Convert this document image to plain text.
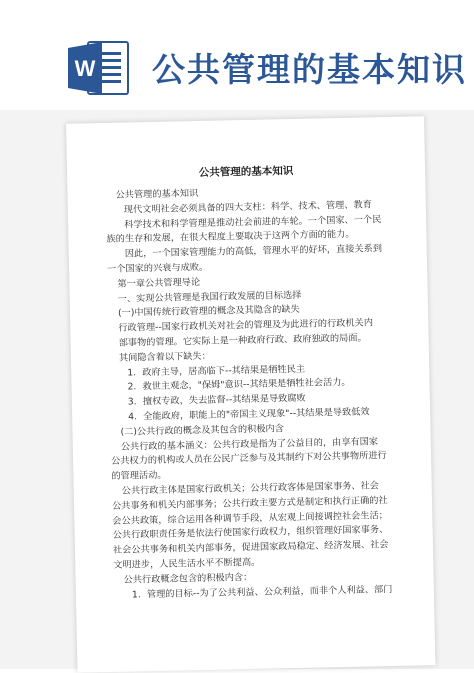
W 公共管理的基本知识
公共管理的基本知识
公共管理的基本知识
现代文明社会必须具备的四大支柱：科学、技术、管理、教育
科学技术和科学管理是推动社会前进的车轮。一个国家、一个民
族的生存和发展，在很大程度上要取决于这两个方面的能力。
因此，一个国家管理能力的高低，管理水平的好坏，直接关系到
一个国家的兴衰与成败。
第一章公共管理导论
一、实现公共管理是我国行政发展的目标选择
(一)中国传统行政管理的概念及其隐含的缺失
行政管理--国家行政机关对社会的管理及为此进行的行政机关内
部事物的管理。它实际上是一种政府行政、政府独政的局面。
其间隐含着以下缺失：
1．政府主导，居高临下--其结果是牺牲民主
2．救世主观念，"保姆"意识--其结果是牺牲社会活力。
3．擅权专政，失去监督--其结果是导致腐败
4．全能政府，职能上的"帝国主义现象"--其结果是导致低效
(二)公共行政的概念及其包含的积极内含
公共行政的基本涵义：公共行政是指为了公益目的，由享有国家
公共权力的机构或人员在公民广泛参与及其制约下对公共事物所进行
的管理活动。
公共行政主体是国家行政机关；公共行政客体是国家事务、社会
公共事务和机关内部事务；公共行政主要方式是制定和执行正确的社
会公共政策，综合运用各种调节手段，从宏观上间接调控社会生活；
公共行政职责任务是依法行使国家行政权力，组织管理好国家事务、
社会公共事务和机关内部事务，促进国家政局稳定、经济发展、社会
文明进步，人民生活水平不断提高。
公共行政概念包含的积极内含：
1．管理的目标--为了公共利益、公众利益，而非个人利益、部门
